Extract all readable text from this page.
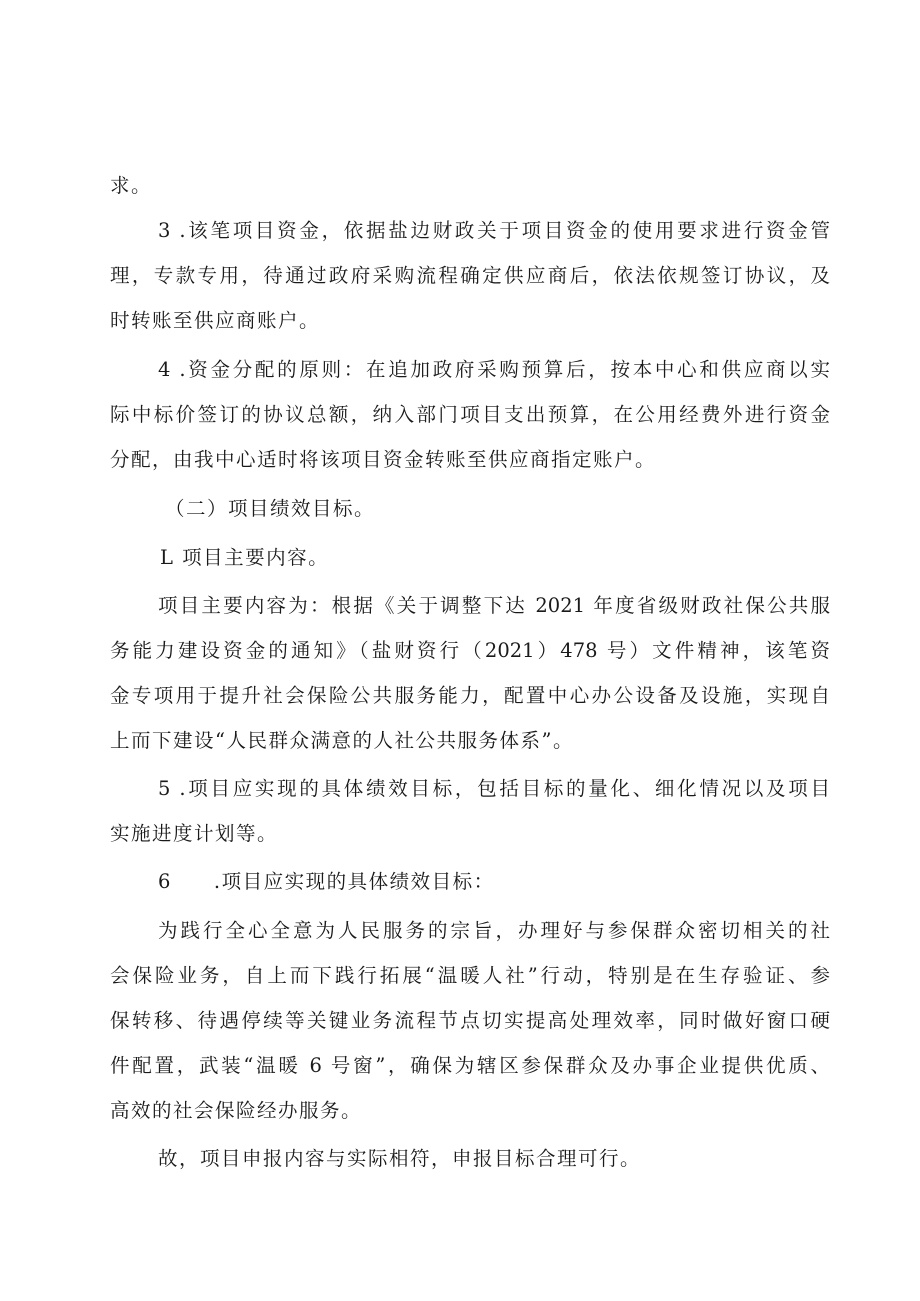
求。
3 .该笔项目资金，依据盐边财政关于项目资金的使用要求进行资金管
理，专款专用，待通过政府采购流程确定供应商后，依法依规签订协议，及
时转账至供应商账户。
4 .资金分配的原则：在追加政府采购预算后，按本中心和供应商以实
际中标价签订的协议总额，纳入部门项目支出预算，在公用经费外进行资金
分配，由我中心适时将该项目资金转账至供应商指定账户。
（二）项目绩效目标。
L 项目主要内容。
项目主要内容为：根据《关于调整下达 2021 年度省级财政社保公共服
务能力建设资金的通知》（盐财资行（2021）478 号）文件精神，该笔资
金专项用于提升社会保险公共服务能力，配置中心办公设备及设施，实现自
上而下建设“人民群众满意的人社公共服务体系”。
5 .项目应实现的具体绩效目标，包括目标的量化、细化情况以及项目
实施进度计划等。
6　　.项目应实现的具体绩效目标：
为践行全心全意为人民服务的宗旨，办理好与参保群众密切相关的社
会保险业务，自上而下践行拓展“温暖人社”行动，特别是在生存验证、参
保转移、待遇停续等关键业务流程节点切实提高处理效率，同时做好窗口硬
件配置，武装“温暖 6 号窗”，确保为辖区参保群众及办事企业提供优质、
高效的社会保险经办服务。
故，项目申报内容与实际相符，申报目标合理可行。
